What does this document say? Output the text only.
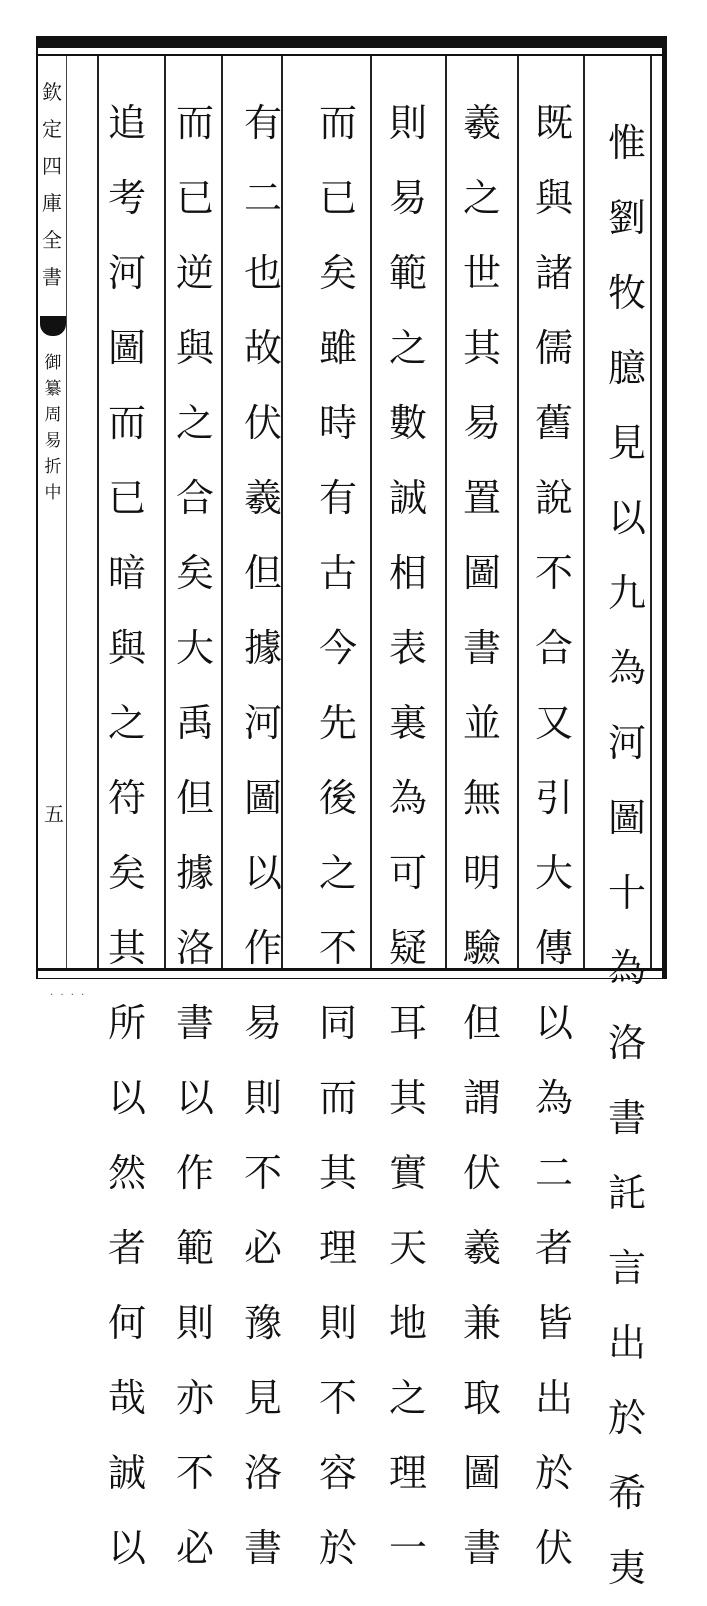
欽
定
四
庫
全
書
御
纂
周
易
折
中
五
惟
劉
牧
臆
見
以
九
為
河
圖
十
為
洛
書
託
言
出
於
希
夷
既
與
諸
儒
舊
說
不
合
又
引
大
傳
以
為
二
者
皆
出
於
伏
羲
之
世
其
易
置
圖
書
並
無
明
驗
但
謂
伏
羲
兼
取
圖
書
則
易
範
之
數
誠
相
表
裏
為
可
疑
耳
其
實
天
地
之
理
一
而
已
矣
雖
時
有
古
今
先
後
之
不
同
而
其
理
則
不
容
於
有
二
也
故
伏
羲
但
據
河
圖
以
作
易
則
不
必
豫
見
洛
書
而
已
逆
與
之
合
矣
大
禹
但
據
洛
書
以
作
範
則
亦
不
必
追
考
河
圖
而
已
暗
與
之
符
矣
其
所
以
然
者
何
哉
誠
以
· · · ·
